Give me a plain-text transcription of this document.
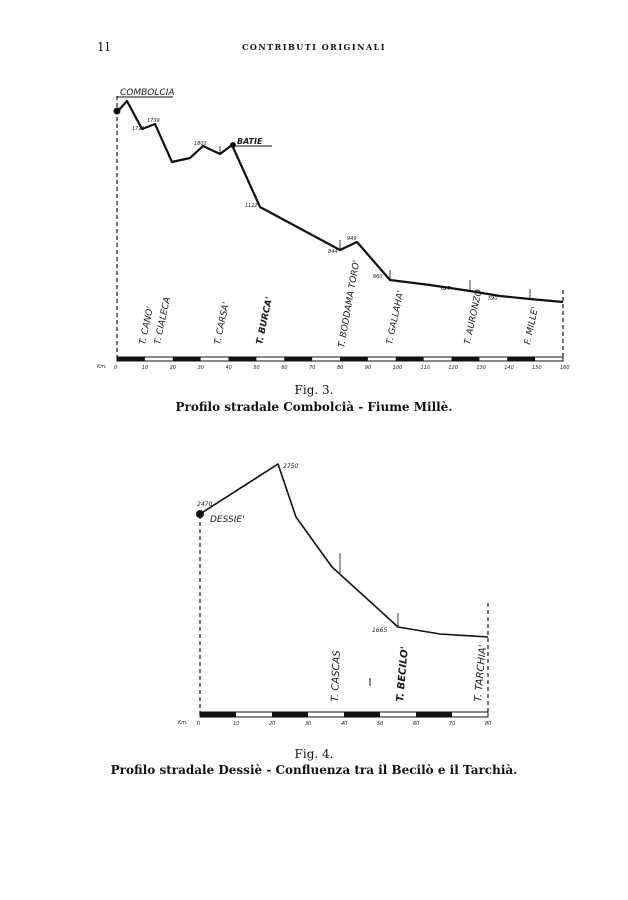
1l	CONTRIBUTI ORIGINALI
COMBOLCIA
BATIE
1721
1739
1803
1122
844
949
660
627
590
T. CANO'
T. CIALECA	T. CARSA'	T. BURCA'	T. BODDAMA TORO'	T. GALLAHA'	T. AURONZO	F. MILLE'
Km. 0	10	20	30	40	50	60	70	80	90	100	110	120	130	140	150	160
Fig. 3.
Profilo stradale Combolcià - Fiume Millè.
DESSIE'
2470
2750
1665
T. CASCAS	T. BECILO'	T. TARCHIA'
Km. 0	10	20	30	40	50	60	70	80
Fig. 4.
Profilo stradale Dessiè - Confluenza tra il Becilò e il Tarchià.
